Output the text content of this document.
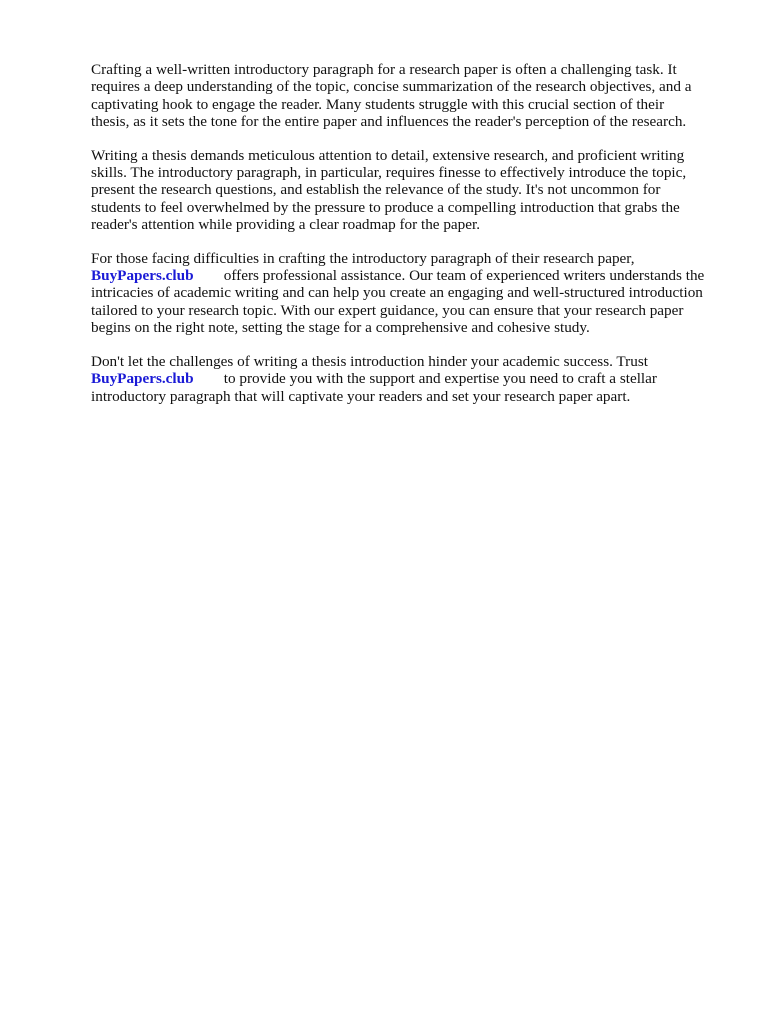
Crafting a well-written introductory paragraph for a research paper is often a challenging task. It
requires a deep understanding of the topic, concise summarization of the research objectives, and a
captivating hook to engage the reader. Many students struggle with this crucial section of their
thesis, as it sets the tone for the entire paper and influences the reader's perception of the research.

Writing a thesis demands meticulous attention to detail, extensive research, and proficient writing
skills. The introductory paragraph, in particular, requires finesse to effectively introduce the topic,
present the research questions, and establish the relevance of the study. It's not uncommon for
students to feel overwhelmed by the pressure to produce a compelling introduction that grabs the
reader's attention while providing a clear roadmap for the paper.

For those facing difficulties in crafting the introductory paragraph of their research paper,
BuyPapers.club offers professional assistance. Our team of experienced writers understands the
intricacies of academic writing and can help you create an engaging and well-structured introduction
tailored to your research topic. With our expert guidance, you can ensure that your research paper
begins on the right note, setting the stage for a comprehensive and cohesive study.

Don't let the challenges of writing a thesis introduction hinder your academic success. Trust
BuyPapers.club to provide you with the support and expertise you need to craft a stellar
introductory paragraph that will captivate your readers and set your research paper apart.
